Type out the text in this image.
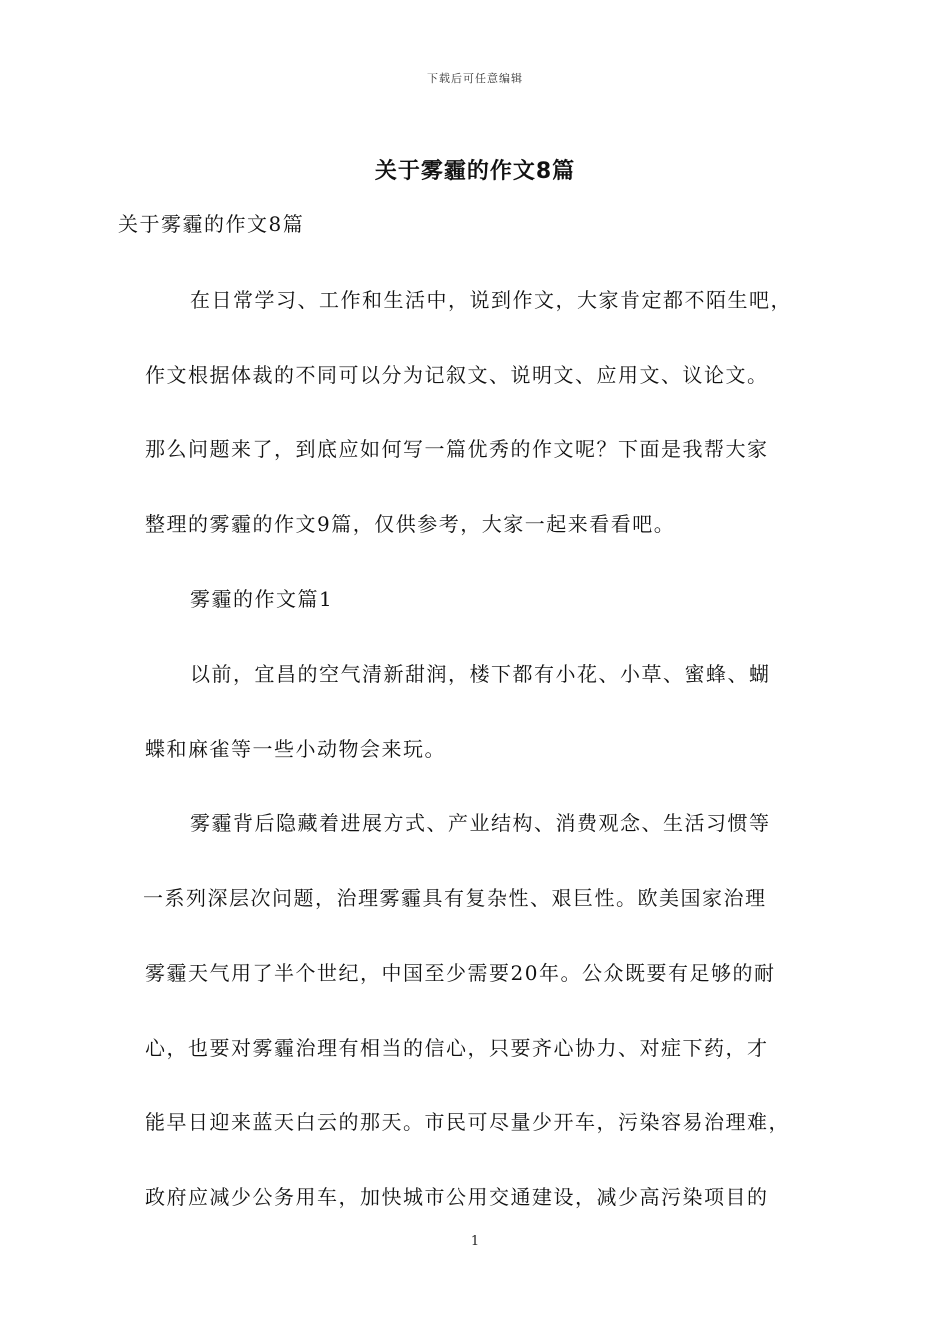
下载后可任意编辑
关于雾霾的作文8篇
关于雾霾的作文8篇
在日常学习、工作和生活中，说到作文，大家肯定都不陌生吧，
作文根据体裁的不同可以分为记叙文、说明文、应用文、议论文。
那么问题来了，到底应如何写一篇优秀的作文呢？下面是我帮大家
整理的雾霾的作文9篇，仅供参考，大家一起来看看吧。
雾霾的作文篇1
以前，宜昌的空气清新甜润，楼下都有小花、小草、蜜蜂、蝴
蝶和麻雀等一些小动物会来玩。
雾霾背后隐藏着进展方式、产业结构、消费观念、生活习惯等
一系列深层次问题，治理雾霾具有复杂性、艰巨性。欧美国家治理
雾霾天气用了半个世纪，中国至少需要20年。公众既要有足够的耐
心，也要对雾霾治理有相当的信心，只要齐心协力、对症下药，才
能早日迎来蓝天白云的那天。市民可尽量少开车，污染容易治理难，
政府应减少公务用车，加快城市公用交通建设，减少高污染项目的
1
